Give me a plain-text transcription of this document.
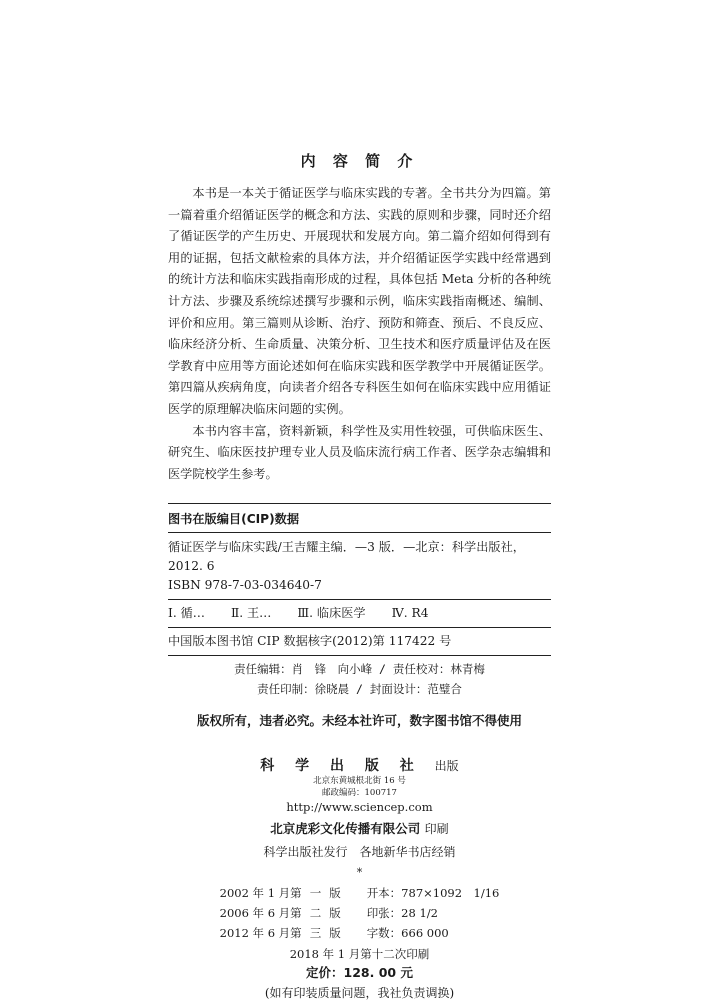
内 容 简 介

本书是一本关于循证医学与临床实践的专著。全书共分为四篇。第一篇着重介绍循证医学的概念和方法、实践的原则和步骤，同时还介绍了循证医学的产生历史、开展现状和发展方向。第二篇介绍如何得到有用的证据，包括文献检索的具体方法，并介绍循证医学实践中经常遇到的统计方法和临床实践指南形成的过程，具体包括 Meta 分析的各种统计方法、步骤及系统综述撰写步骤和示例，临床实践指南概述、编制、评价和应用。第三篇则从诊断、治疗、预防和筛查、预后、不良反应、临床经济分析、生命质量、决策分析、卫生技术和医疗质量评估及在医学教育中应用等方面论述如何在临床实践和医学教学中开展循证医学。第四篇从疾病角度，向读者介绍各专科医生如何在临床实践中应用循证医学的原理解决临床问题的实例。

本书内容丰富，资料新颖，科学性及实用性较强，可供临床医生、研究生、临床医技护理专业人员及临床流行病工作者、医学杂志编辑和医学院校学生参考。

图书在版编目(CIP)数据

循证医学与临床实践/王吉耀主编．—3 版．—北京：科学出版社，2012. 6

ISBN 978-7-03-034640-7

Ⅰ. 循… Ⅱ. 王… Ⅲ. 临床医学 Ⅳ. R4

中国版本图书馆 CIP 数据核字(2012)第 117422 号

责任编辑：肖　锋　向小峰 / 责任校对：林青梅
责任印制：徐晓晨 / 封面设计：范璧合
版权所有，违者必究。未经本社许可，数字图书馆不得使用
科 学 出 版 社 出版
北京东黄城根北街 16 号
邮政编码：100717
http://www.sciencep.com
北京虎彩文化传播有限公司 印刷
科学出版社发行　各地新华书店经销
*
2002 年 1 月第	一	版	开本：787×1092　1/16
2006 年 6 月第	二	版	印张：28 1/2
2012 年 6 月第	三	版	字数：666 000
2018 年 1 月第十二次印刷
定价：128. 00 元
(如有印装质量问题，我社负责调换)
